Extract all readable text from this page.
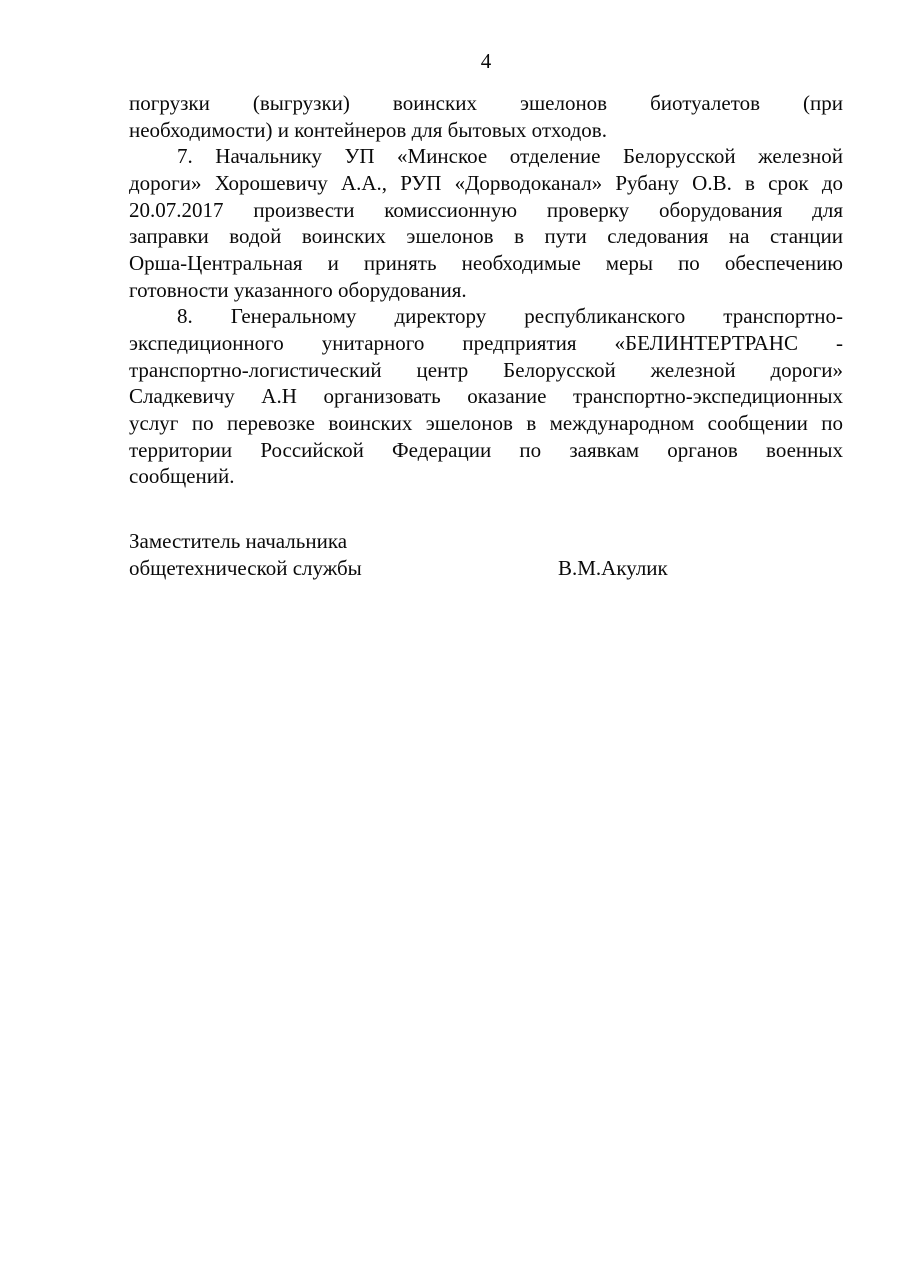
4
погрузки (выгрузки) воинских эшелонов биотуалетов (при
необходимости) и контейнеров для бытовых отходов.
7. Начальнику УП «Минское отделение Белорусской железной
дороги» Хорошевичу А.А., РУП «Дорводоканал» Рубану О.В. в срок до
20.07.2017 произвести комиссионную проверку оборудования для
заправки водой воинских эшелонов в пути следования на станции
Орша-Центральная и принять необходимые меры по обеспечению
готовности указанного оборудования.
8. Генеральному директору республиканского транспортно-
экспедиционного унитарного предприятия «БЕЛИНТЕРТРАНС -
транспортно-логистический центр Белорусской железной дороги»
Сладкевичу А.Н организовать оказание транспортно-экспедиционных
услуг по перевозке воинских эшелонов в международном сообщении по
территории Российской Федерации по заявкам органов военных
сообщений.
Заместитель начальника
общетехнической службы	В.М.Акулик
